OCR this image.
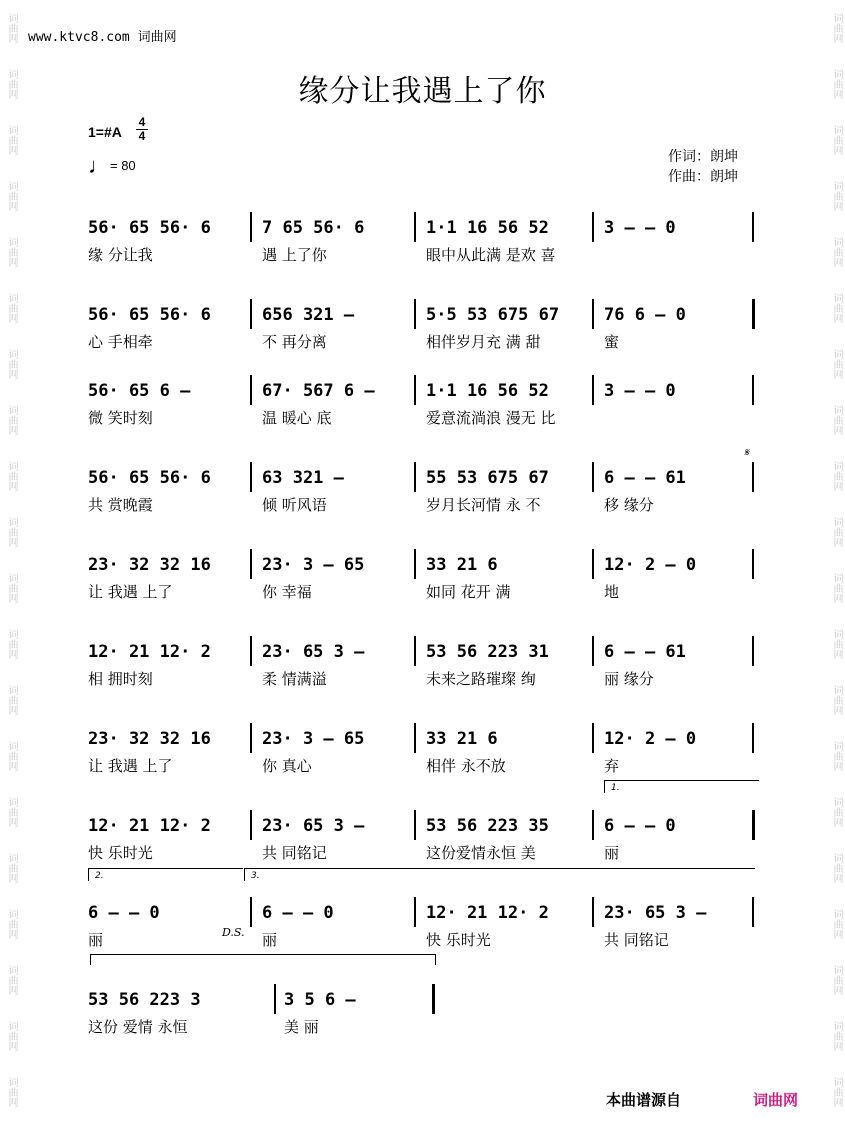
词曲网
词曲网
词曲网
词曲网
词曲网
词曲网
词曲网
词曲网
词曲网
词曲网
词曲网
词曲网
词曲网
词曲网
词曲网
词曲网
词曲网
词曲网
词曲网
词曲网
词曲网
词曲网
词曲网
词曲网
词曲网
词曲网
词曲网
词曲网
词曲网
词曲网
词曲网
词曲网
词曲网
词曲网
词曲网
词曲网
词曲网
词曲网
词曲网
词曲网
www.ktvc8.com 词曲网
缘分让我遇上了你
1=#A
4
4
♩= 80
作词：朗坤
作曲：朗坤
56· 65 56· 6
缘 分让我
7 65 56· 6
遇 上了你
1·1 16 56 52
眼中从此满 是欢 喜
3 – – 0
56· 65 56· 6
心 手相牵
656 321 –
不 再分离
5·5 53 675 67
相伴岁月充 满 甜
76 6 – 0
蜜
56· 65 6 –
微 笑时刻
67· 567 6 –
温 暖心 底
1·1 16 56 52
爱意流淌浪 漫无 比
3 – – 0
56· 65 56· 6
共 赏晚霞
63 321 –
倾 听风语
55 53 675 67
岁月长河情 永 不
6 – – 61
移 缘分
23· 32 32 16
让 我遇 上了
23· 3 – 65
你 幸福
33 21 6
如同 花开 满
12· 2 – 0
地
12· 21 12· 2
相 拥时刻
23· 65 3 –
柔 情满溢
53 56 223 31
未来之路璀璨 绚
6 – – 61
丽 缘分
23· 32 32 16
让 我遇 上了
23· 3 – 65
你 真心
33 21 6
相伴 永不放
12· 2 – 0
弃
12· 21 12· 2
快 乐时光
23· 65 3 –
共 同铭记
53 56 223 35
这份爱情永恒 美
6 – – 0
丽
6 – – 0
丽
6 – – 0
丽
12· 21 12· 2
快 乐时光
23· 65 3 –
共 同铭记
53 56 223 3
这份 爱情 永恒
3 5 6 –
美 丽
1.
2.	3.
D.S.
𝄋
本曲谱源自	词曲网
